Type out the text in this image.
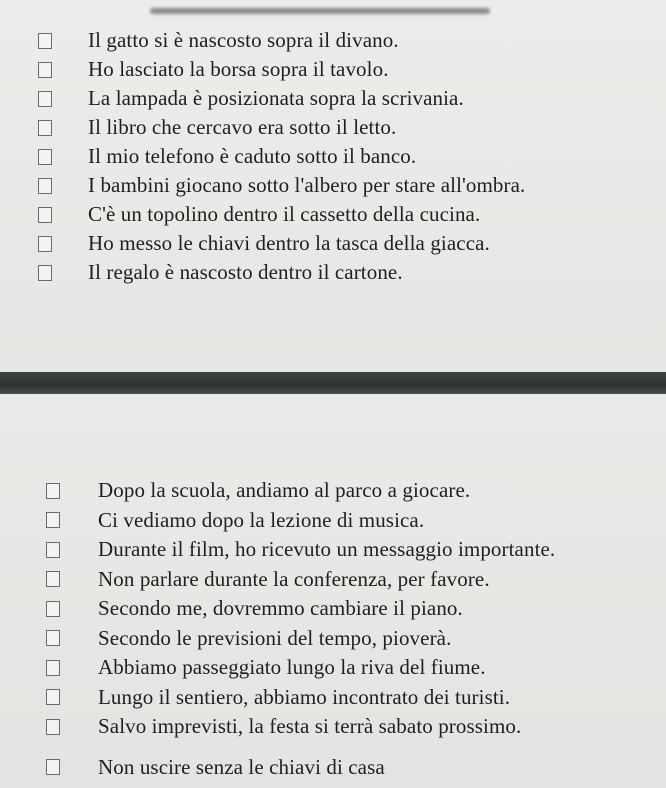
Il gatto si è nascosto sopra il divano.
Ho lasciato la borsa sopra il tavolo.
La lampada è posizionata sopra la scrivania.
Il libro che cercavo era sotto il letto.
Il mio telefono è caduto sotto il banco.
I bambini giocano sotto l'albero per stare all'ombra.
C'è un topolino dentro il cassetto della cucina.
Ho messo le chiavi dentro la tasca della giacca.
Il regalo è nascosto dentro il cartone.
Dopo la scuola, andiamo al parco a giocare.
Ci vediamo dopo la lezione di musica.
Durante il film, ho ricevuto un messaggio importante.
Non parlare durante la conferenza, per favore.
Secondo me, dovremmo cambiare il piano.
Secondo le previsioni del tempo, pioverà.
Abbiamo passeggiato lungo la riva del fiume.
Lungo il sentiero, abbiamo incontrato dei turisti.
Salvo imprevisti, la festa si terrà sabato prossimo.
Non uscire senza le chiavi di casa
